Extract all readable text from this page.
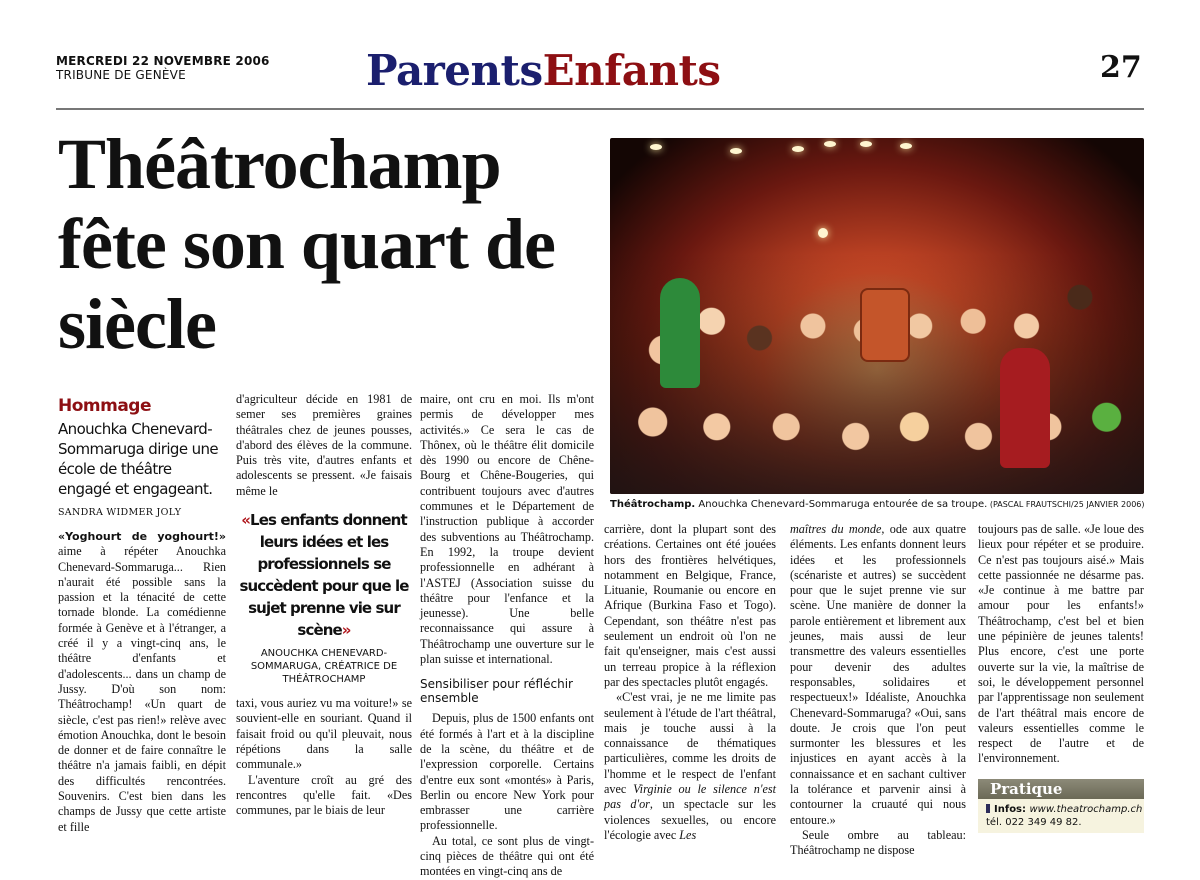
MERCREDI 22 NOVEMBRE 2006
TRIBUNE DE GENÈVE	ParentsEnfants	27
Théâtrochamp fête son quart de siècle
Théâtrochamp. Anouchka Chenevard-Sommaruga entourée de sa troupe. (PASCAL FRAUTSCHI/25 JANVIER 2006)
Hommage
Anouchka Chenevard-Sommaruga dirige une école de théâtre engagé et engageant.
SANDRA WIDMER JOLY

«Yoghourt de yoghourt!» aime à répéter Anouchka Chenevard-Sommaruga... Rien n'aurait été possible sans la passion et la ténacité de cette tornade blonde. La comédienne formée à Genève et à l'étranger, a créé il y a vingt-cinq ans, le théâtre d'enfants et d'adolescents... dans un champ de Jussy. D'où son nom: Théâtrochamp! «Un quart de siècle, c'est pas rien!» relève avec émotion Anouchka, dont le besoin de donner et de faire connaître le théâtre n'a jamais faibli, en dépit des difficultés rencontrées. Souvenirs. C'est bien dans les champs de Jussy que cette artiste et fille

d'agriculteur décide en 1981 de semer ses premières graines théâtrales chez de jeunes pousses, d'abord des élèves de la commune. Puis très vite, d'autres enfants et adolescents se pressent. «Je faisais même le

«Les enfants donnent leurs idées et les professionnels se succèdent pour que le sujet prenne vie sur scène»
ANOUCHKA CHENEVARD-SOMMARUGA, CRÉATRICE DE THÉÂTROCHAMP

taxi, vous auriez vu ma voiture!» se souvient-elle en souriant. Quand il faisait froid ou qu'il pleuvait, nous répétions dans la salle communale.»

L'aventure croît au gré des rencontres qu'elle fait. «Des communes, par le biais de leur

maire, ont cru en moi. Ils m'ont permis de développer mes activités.» Ce sera le cas de Thônex, où le théâtre élit domicile dès 1990 ou encore de Chêne-Bourg et Chêne-Bougeries, qui contribuent toujours avec d'autres communes et le Département de l'instruction publique à accorder des subventions au Théâtrochamp. En 1992, la troupe devient professionnelle en adhérant à l'ASTEJ (Association suisse du théâtre pour l'enfance et la jeunesse). Une belle reconnaissance qui assure à Théâtrochamp une ouverture sur le plan suisse et international.

Sensibiliser pour réfléchir ensemble

Depuis, plus de 1500 enfants ont été formés à l'art et à la discipline de la scène, du théâtre et de l'expression corporelle. Certains d'entre eux sont «montés» à Paris, Berlin ou encore New York pour embrasser une carrière professionnelle.

Au total, ce sont plus de vingt-cinq pièces de théâtre qui ont été montées en vingt-cinq ans de

carrière, dont la plupart sont des créations. Certaines ont été jouées hors des frontières helvétiques, notamment en Belgique, France, Lituanie, Roumanie ou encore en Afrique (Burkina Faso et Togo). Cependant, son théâtre n'est pas seulement un endroit où l'on ne fait qu'enseigner, mais c'est aussi un terreau propice à la réflexion par des spectacles plutôt engagés.

«C'est vrai, je ne me limite pas seulement à l'étude de l'art théâtral, mais je touche aussi à la connaissance de thématiques particulières, comme les droits de l'homme et le respect de l'enfant avec Virginie ou le silence n'est pas d'or, un spectacle sur les violences sexuelles, ou encore l'écologie avec Les

maîtres du monde, ode aux quatre éléments. Les enfants donnent leurs idées et les professionnels (scénariste et autres) se succèdent pour que le sujet prenne vie sur scène. Une manière de donner la parole entièrement et librement aux jeunes, mais aussi de leur transmettre des valeurs essentielles pour devenir des adultes responsables, solidaires et respectueux!» Idéaliste, Anouchka Chenevard-Sommaruga? «Oui, sans doute. Je crois que l'on peut surmonter les blessures et les injustices en ayant accès à la connaissance et en sachant cultiver la tolérance et parvenir ainsi à contourner la cruauté qui nous entoure.»

Seule ombre au tableau: Théâtrochamp ne dispose

toujours pas de salle. «Je loue des lieux pour répéter et se produire. Ce n'est pas toujours aisé.» Mais cette passionnée ne désarme pas. «Je continue à me battre par amour pour les enfants!» Théâtrochamp, c'est bel et bien une pépinière de jeunes talents! Plus encore, c'est une porte ouverte sur la vie, la maîtrise de soi, le développement personnel par l'apprentissage non seulement de l'art théâtral mais encore de valeurs essentielles comme le respect de l'autre et de l'environnement.

Pratique
Infos: www.theatrochamp.ch
tél. 022 349 49 82.
